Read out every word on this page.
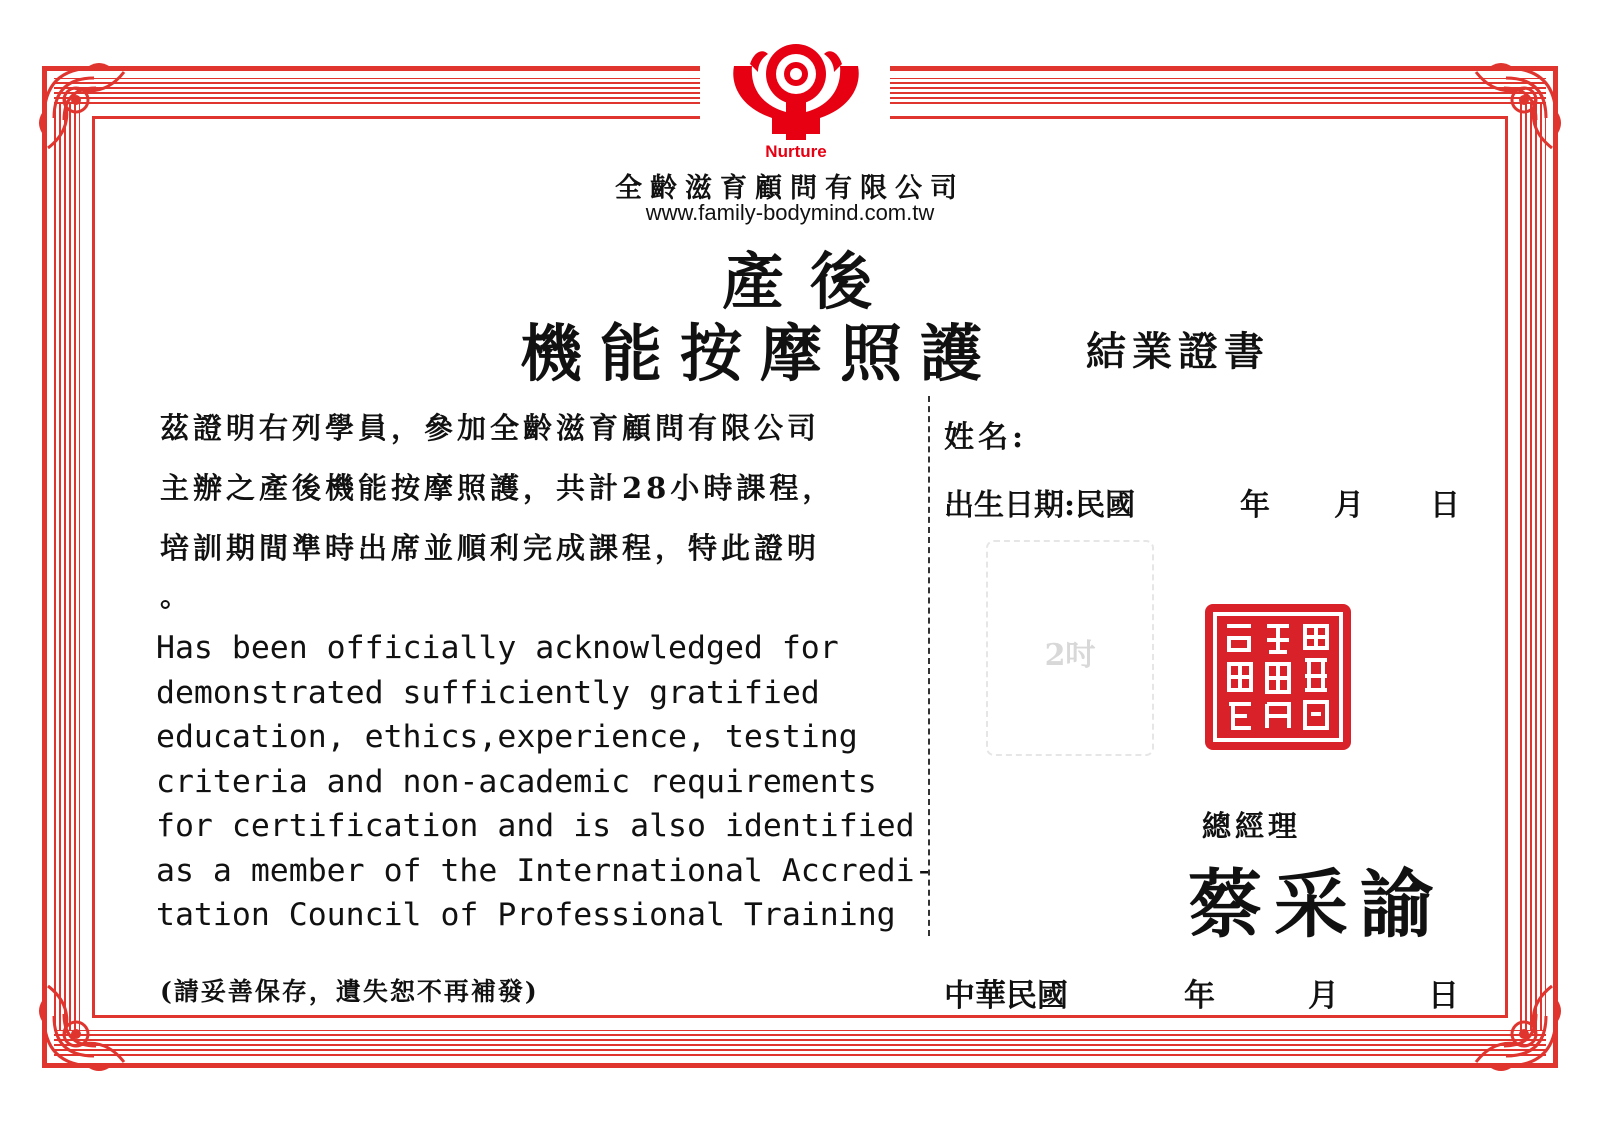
Nurture
全齡滋育顧問有限公司
www.family-bodymind.com.tw
產後
機能按摩照護	結業證書
茲證明右列學員，參加全齡滋育顧問有限公司
主辦之產後機能按摩照護，共計28小時課程，
培訓期間準時出席並順利完成課程，特此證明
。
Has been officially acknowledged for
demonstrated sufficiently gratified
education, ethics,experience, testing
criteria and non-academic requirements
for certification and is also identified
as a member of the International Accredi-
tation Council of Professional Training
姓名:
出生日期:民國	年 月 日
2吋
總經理
蔡采諭
(請妥善保存，遺失恕不再補發)	中華民國	年	月	日
